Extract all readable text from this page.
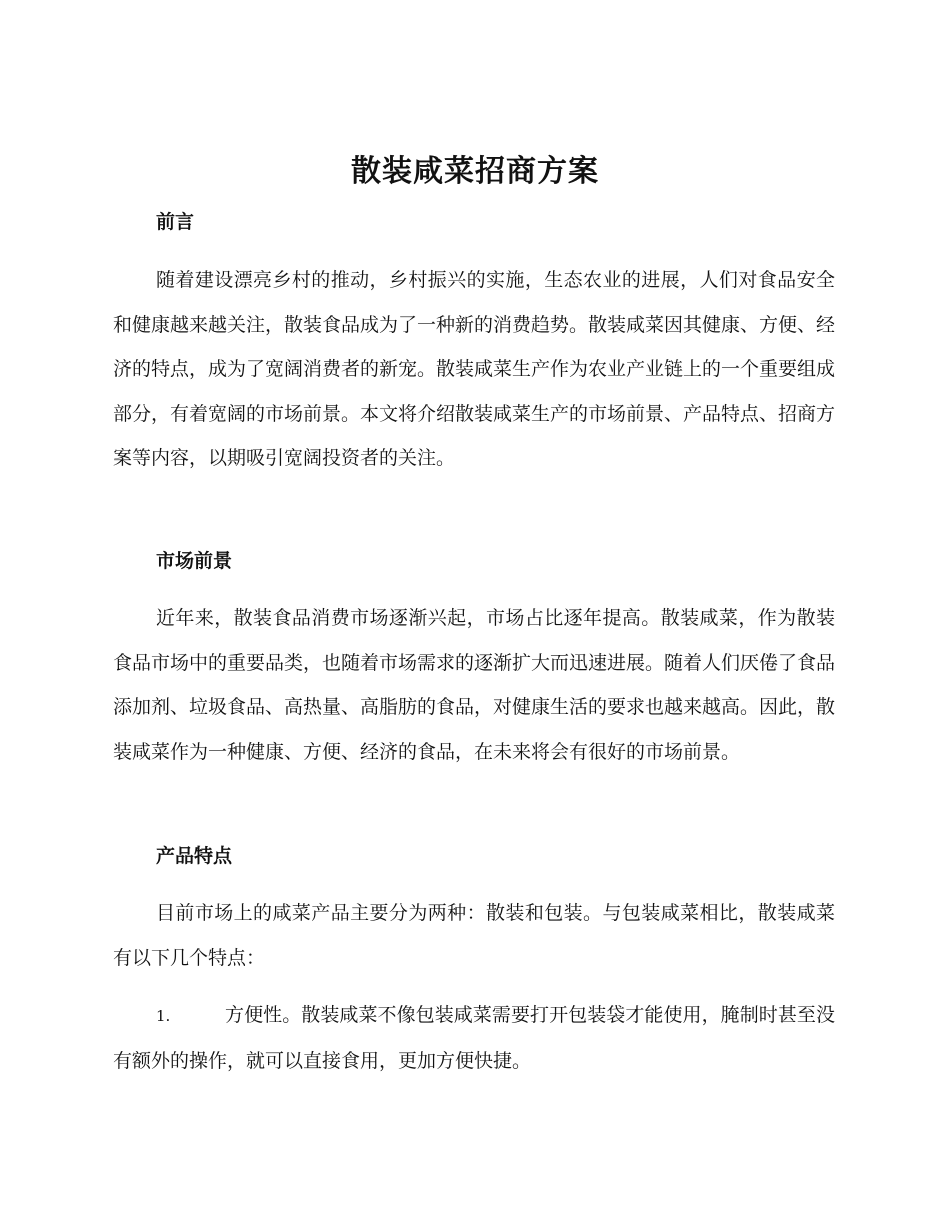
散装咸菜招商方案
前言

随着建设漂亮乡村的推动，乡村振兴的实施，生态农业的进展，人们对食品安全和健康越来越关注，散装食品成为了一种新的消费趋势。散装咸菜因其健康、方便、经济的特点，成为了宽阔消费者的新宠。散装咸菜生产作为农业产业链上的一个重要组成部分，有着宽阔的市场前景。本文将介绍散装咸菜生产的市场前景、产品特点、招商方案等内容，以期吸引宽阔投资者的关注。

市场前景

近年来，散装食品消费市场逐渐兴起，市场占比逐年提高。散装咸菜，作为散装食品市场中的重要品类，也随着市场需求的逐渐扩大而迅速进展。随着人们厌倦了食品添加剂、垃圾食品、高热量、高脂肪的食品，对健康生活的要求也越来越高。因此，散装咸菜作为一种健康、方便、经济的食品，在未来将会有很好的市场前景。

产品特点

目前市场上的咸菜产品主要分为两种：散装和包装。与包装咸菜相比，散装咸菜有以下几个特点：

1.	方便性。散装咸菜不像包装咸菜需要打开包装袋才能使用，腌制时甚至没有额外的操作，就可以直接食用，更加方便快捷。
